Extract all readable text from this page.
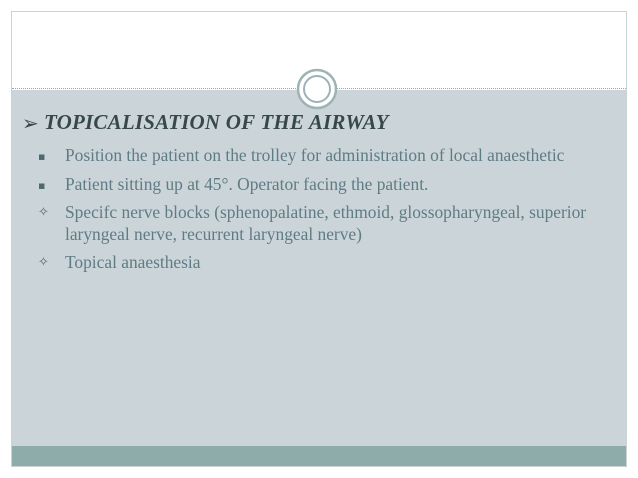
➢ TOPICALISATION OF THE AIRWAY
▪	Position the patient on the trolley for administration of local anaesthetic
▪	Patient sitting up at 45°. Operator facing the patient.
✧ Specifc nerve blocks (sphenopalatine, ethmoid, glossopharyngeal, superior laryngeal nerve, recurrent laryngeal nerve)
✧ Topical anaesthesia
